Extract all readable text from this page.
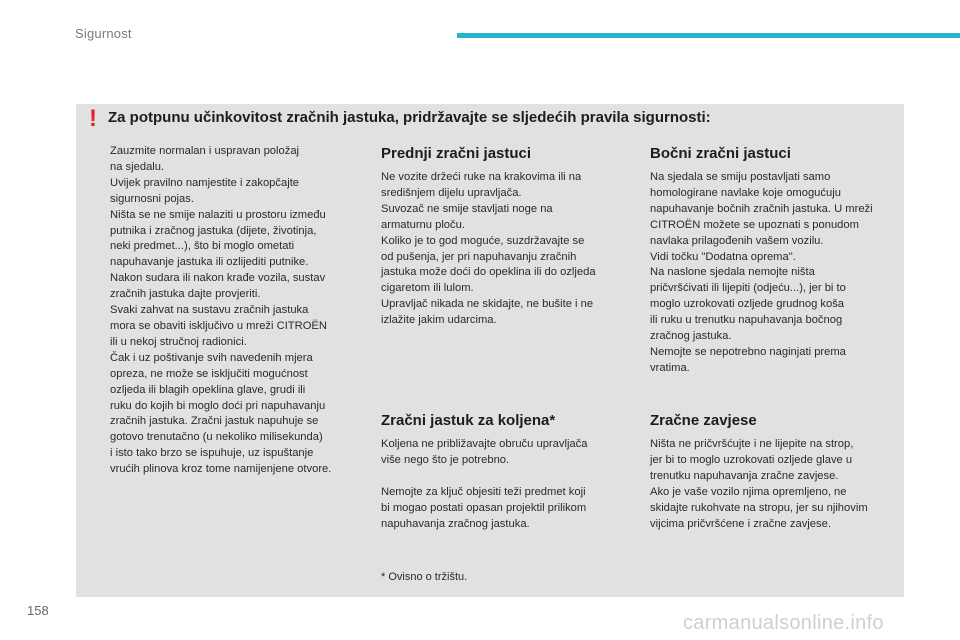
Sigurnost
! Za potpunu učinkovitost zračnih jastuka, pridržavajte se sljedećih pravila sigurnosti:

Zauzmite normalan i uspravan položaj
na sjedalu.
Uvijek pravilno namjestite i zakopčajte
sigurnosni pojas.
Ništa se ne smije nalaziti u prostoru između
putnika i zračnog jastuka (dijete, životinja,
neki predmet...), što bi moglo ometati
napuhavanje jastuka ili ozlijediti putnike.
Nakon sudara ili nakon krađe vozila, sustav
zračnih jastuka dajte provjeriti.
Svaki zahvat na sustavu zračnih jastuka
mora se obaviti isključivo u mreži CITROËN
ili u nekoj stručnoj radionici.
Čak i uz poštivanje svih navedenih mjera
opreza, ne može se isključiti mogućnost
ozljeda ili blagih opeklina glave, grudi ili
ruku do kojih bi moglo doći pri napuhavanju
zračnih jastuka. Zračni jastuk napuhuje se
gotovo trenutačno (u nekoliko milisekunda)
i isto tako brzo se ispuhuje, uz ispuštanje
vrućih plinova kroz tome namijenjene otvore.

Prednji zračni jastuci

Ne vozite držeći ruke na krakovima ili na
središnjem dijelu upravljača.
Suvozač ne smije stavljati noge na
armaturnu ploču.
Koliko je to god moguće, suzdržavajte se
od pušenja, jer pri napuhavanju zračnih
jastuka može doći do opeklina ili do ozljeda
cigaretom ili lulom.
Upravljač nikada ne skidajte, ne bušite i ne
izlažite jakim udarcima.

Bočni zračni jastuci

Na sjedala se smiju postavljati samo
homologirane navlake koje omogućuju
napuhavanje bočnih zračnih jastuka. U mreži
CITROËN možete se upoznati s ponudom
navlaka prilagođenih vašem vozilu.
Vidi točku "Dodatna oprema".
Na naslone sjedala nemojte ništa
pričvršćivati ili lijepiti (odjeću...), jer bi to
moglo uzrokovati ozljede grudnog koša
ili ruku u trenutku napuhavanja bočnog
zračnog jastuka.
Nemojte se nepotrebno naginjati prema
vratima.

Zračni jastuk za koljena*

Koljena ne približavajte obruču upravljača
više nego što je potrebno.

Nemojte za ključ objesiti teži predmet koji
bi mogao postati opasan projektil prilikom
napuhavanja zračnog jastuka.

Zračne zavjese

Ništa ne pričvršćujte i ne lijepite na strop,
jer bi to moglo uzrokovati ozljede glave u
trenutku napuhavanja zračne zavjese.
Ako je vaše vozilo njima opremljeno, ne
skidajte rukohvate na stropu, jer su njihovim
vijcima pričvršćene i zračne zavjese.

* Ovisno o tržištu.
158
carmanualsonline.info
